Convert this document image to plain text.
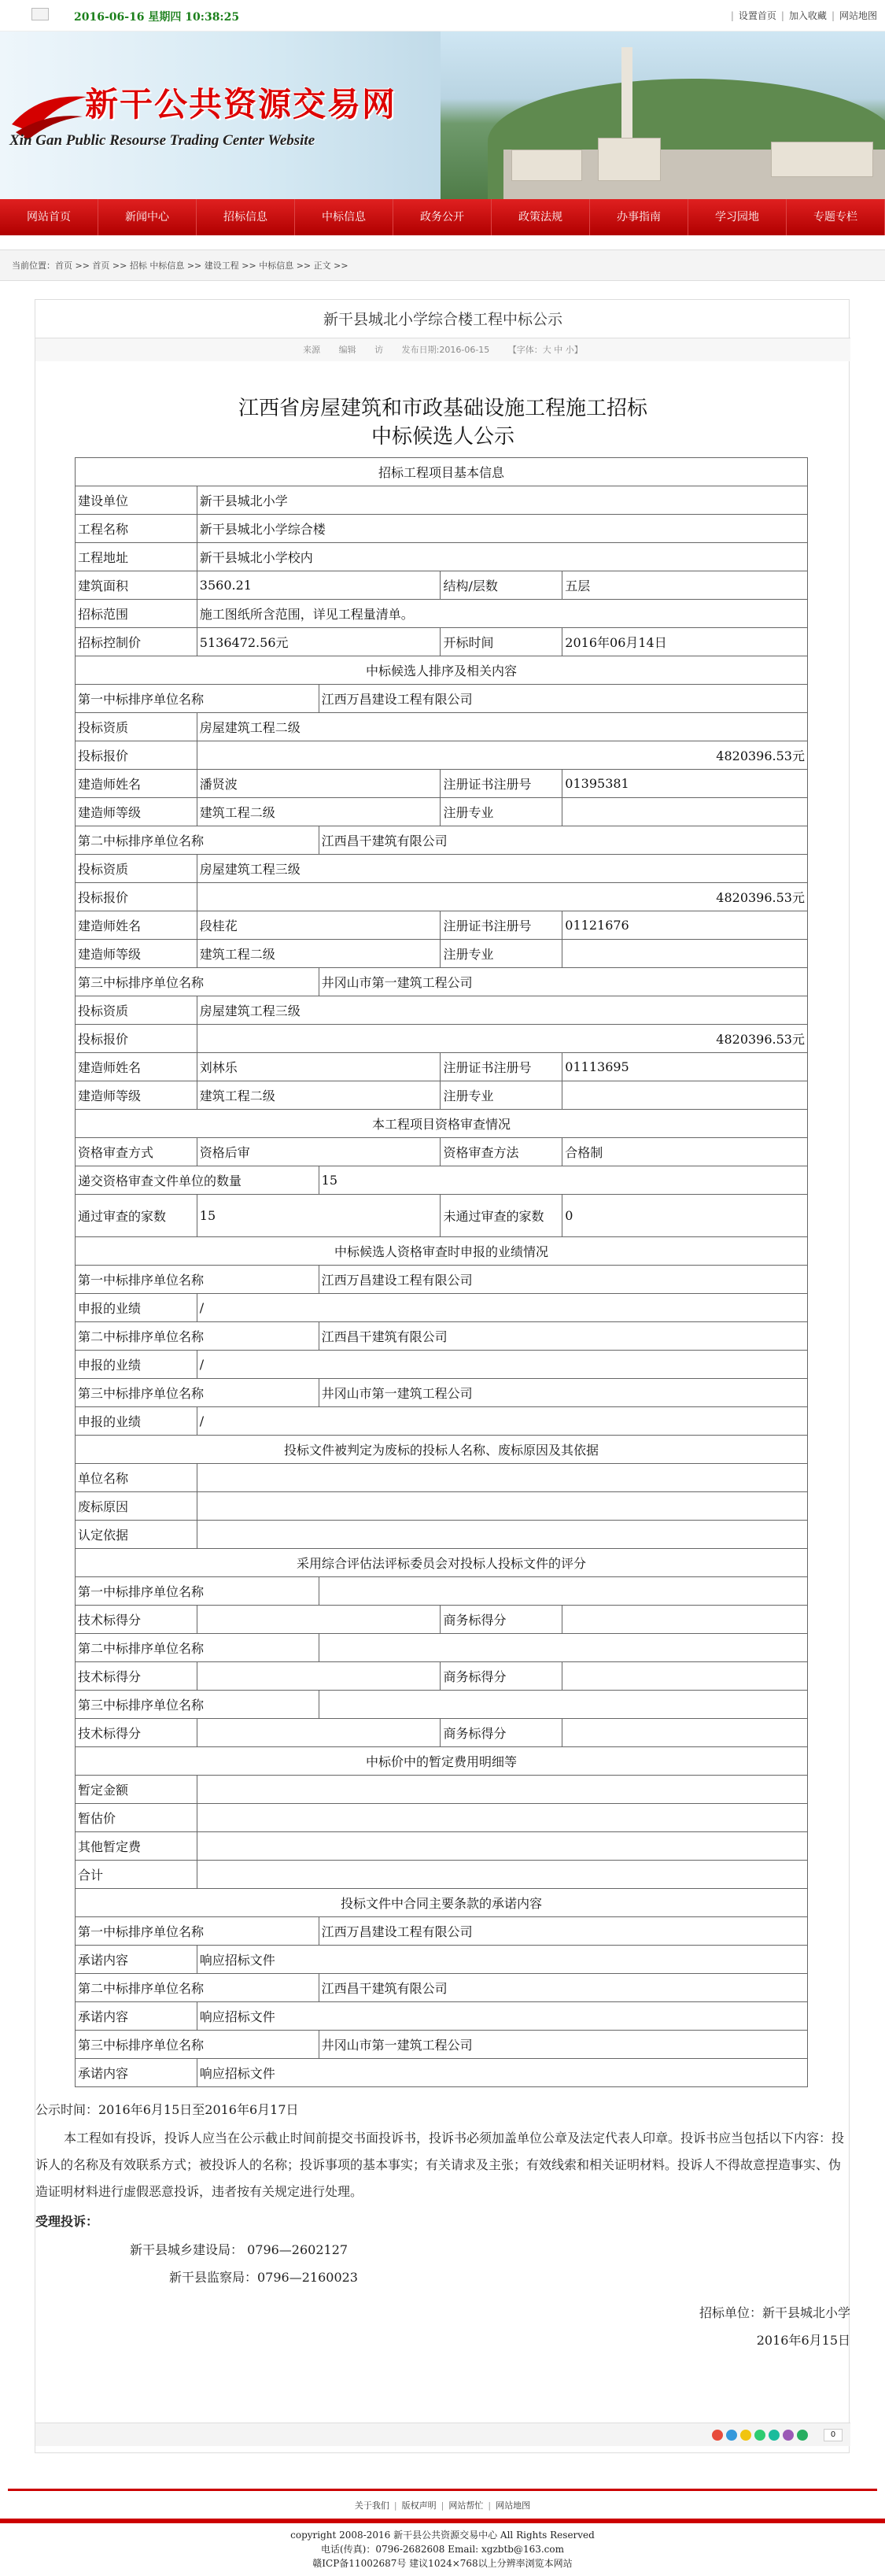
2016-06-16 星期四 10:38:25	| 设置首页 | 加入收藏 | 网站地图
新干公共资源交易网
Xin Gan Public Resourse Trading Center Website
网站首页	新闻中心	招标信息	中标信息	政务公开	政策法规	办事指南	学习园地	专题专栏
当前位置：首页 >> 首页 >> 招标 中标信息 >> 建设工程 >> 中标信息 >> 正文 >>
新干县城北小学综合楼工程中标公示
来源 编辑 访 发布日期:2016-06-15 【字体：大 中 小】
江西省房屋建筑和市政基础设施工程施工招标
中标候选人公示
招标工程项目基本信息				
建设单位	新干县城北小学			
工程名称	新干县城北小学综合楼			
工程地址	新干县城北小学校内			
建筑面积	3560.21		结构/层数	五层
招标范围	施工图纸所含范围，详见工程量清单。			
招标控制价	5136472.56元		开标时间	2016年06月14日
中标候选人排序及相关内容				
第一中标排序单位名称		江西万昌建设工程有限公司		
投标资质	房屋建筑工程二级			
投标报价	4820396.53元			
建造师姓名	潘贤波		注册证书注册号	01395381
建造师等级	建筑工程二级		注册专业	
第二中标排序单位名称		江西昌干建筑有限公司		
投标资质	房屋建筑工程三级			
投标报价	4820396.53元			
建造师姓名	段桂花		注册证书注册号	01121676
建造师等级	建筑工程二级		注册专业	
第三中标排序单位名称		井冈山市第一建筑工程公司		
投标资质	房屋建筑工程三级			
投标报价	4820396.53元			
建造师姓名	刘林乐		注册证书注册号	01113695
建造师等级	建筑工程二级		注册专业	
本工程项目资格审查情况				
资格审查方式	资格后审		资格审查方法	合格制
递交资格审查文件单位的数量		15		
通过审查的家数	15		未通过审查的家数	0
中标候选人资格审查时申报的业绩情况				
第一中标排序单位名称		江西万昌建设工程有限公司		
申报的业绩	/			
第二中标排序单位名称		江西昌干建筑有限公司		
申报的业绩	/			
第三中标排序单位名称		井冈山市第一建筑工程公司		
申报的业绩	/			
投标文件被判定为废标的投标人名称、废标原因及其依据				
单位名称				
废标原因				
认定依据				
采用综合评估法评标委员会对投标人投标文件的评分				
第一中标排序单位名称				
技术标得分			商务标得分	
第二中标排序单位名称				
技术标得分			商务标得分	
第三中标排序单位名称				
技术标得分			商务标得分	
中标价中的暂定费用明细等				
暂定金额				
暂估价				
其他暂定费				
合计				
投标文件中合同主要条款的承诺内容				
第一中标排序单位名称		江西万昌建设工程有限公司		
承诺内容	响应招标文件			
第二中标排序单位名称		江西昌干建筑有限公司		
承诺内容	响应招标文件			
第三中标排序单位名称		井冈山市第一建筑工程公司		
承诺内容	响应招标文件			
公示时间：2016年6月15日至2016年6月17日
本工程如有投诉，投诉人应当在公示截止时间前提交书面投诉书，投诉书必须加盖单位公章及法定代表人印章。投诉书应当包括以下内容：投诉人的名称及有效联系方式；被投诉人的名称；投诉事项的基本事实；有关请求及主张；有效线索和相关证明材料。投诉人不得故意捏造事实、伪造证明材料进行虚假恶意投诉，违者按有关规定进行处理。
受理投诉：
新干县城乡建设局： 0796—2602127
新干县监察局：0796—2160023
招标单位：新干县城北小学
2016年6月15日
0
关于我们 | 版权声明 | 网站帮忙 | 网站地图
copyright 2008-2016 新干县公共资源交易中心 All Rights Reserved
电话(传真)：0796-2682608 Email: xgzbtb@163.com
赣ICP备11002687号 建议1024×768以上分辨率浏览本网站
